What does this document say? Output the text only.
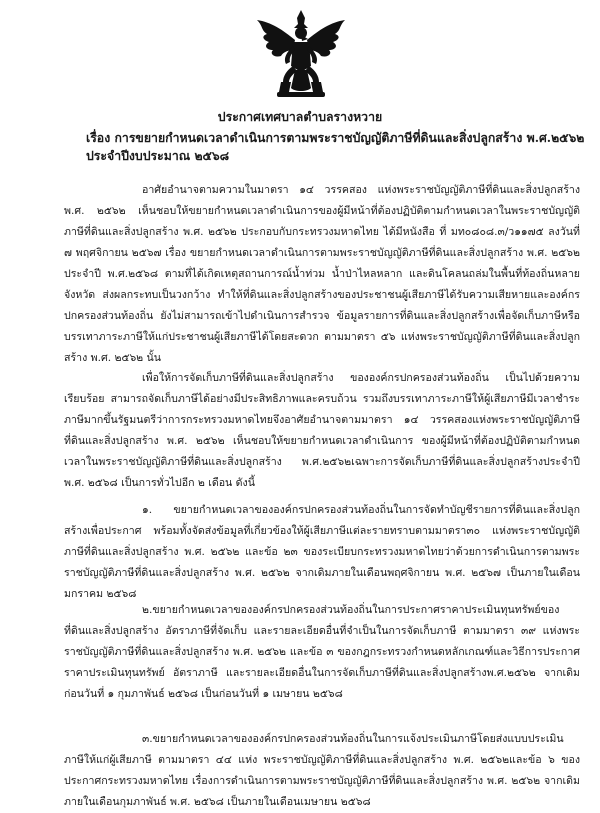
ประกาศเทศบาลตำบลรางหวาย
เรื่อง การขยายกำหนดเวลาดำเนินการตามพระราชบัญญัติภาษีที่ดินและสิ่งปลูกสร้าง พ.ศ.๒๕๖๒
ประจำปีงบประมาณ ๒๕๖๘

อาศัยอำนาจตามความในมาตรา ๑๔ วรรคสอง แห่งพระราชบัญญัติภาษีที่ดินและสิ่งปลูกสร้าง พ.ศ. ๒๕๖๒ เห็นชอบให้ขยายกำหนดเวลาดำเนินการของผู้มีหน้าที่ต้องปฏิบัติตามกำหนดเวลาในพระราชบัญญัติภาษีที่ดินและสิ่งปลูกสร้าง พ.ศ. ๒๕๖๒ ประกอบกับกระทรวงมหาดไทย ได้มีหนังสือ ที่ มท๐๘๐๘.๓/ว๑๑๗๕ ลงวันที่ ๗ พฤศจิกายน ๒๕๖๗ เรื่อง ขยายกำหนดเวลาดำเนินการตามพระราชบัญญัติภาษีที่ดินและสิ่งปลูกสร้าง พ.ศ. ๒๕๖๒ ประจำปี พ.ศ.๒๕๖๘ ตามที่ได้เกิดเหตุสถานการณ์น้ำท่วม น้ำป่าไหลหลาก และดินโคลนถล่มในพื้นที่ท้องถิ่นหลายจังหวัด ส่งผลกระทบเป็นวงกว้าง ทำให้ที่ดินและสิ่งปลูกสร้างของประชาชนผู้เสียภาษีได้รับความเสียหายและองค์กรปกครองส่วนท้องถิ่น ยังไม่สามารถเข้าไปดำเนินการสำรวจ ข้อมูลรายการที่ดินและสิ่งปลูกสร้างเพื่อจัดเก็บภาษีหรือบรรเทาภาระภาษีให้แก่ประชาชนผู้เสียภาษีได้โดยสะดวก ตามมาตรา ๕๖ แห่งพระราชบัญญัติภาษีที่ดินและสิ่งปลูกสร้าง พ.ศ. ๒๕๖๒ นั้น

เพื่อให้การจัดเก็บภาษีที่ดินและสิ่งปลูกสร้าง ขององค์กรปกครองส่วนท้องถิ่น เป็นไปด้วยความเรียบร้อย สามารถจัดเก็บภาษีได้อย่างมีประสิทธิภาพและครบถ้วน รวมถึงบรรเทาภาระภาษีให้ผู้เสียภาษีมีเวลาชำระภาษีมากขึ้นรัฐมนตรีว่าการกระทรวงมหาดไทยจึงอาศัยอำนาจตามมาตรา ๑๔ วรรคสองแห่งพระราชบัญญัติภาษีที่ดินและสิ่งปลูกสร้าง พ.ศ. ๒๕๖๒ เห็นชอบให้ขยายกำหนดเวลาดำเนินการ ของผู้มีหน้าที่ต้องปฏิบัติตามกำหนดเวลาในพระราชบัญญัติภาษีที่ดินและสิ่งปลูกสร้าง พ.ศ.๒๕๖๒เฉพาะการจัดเก็บภาษีที่ดินและสิ่งปลูกสร้างประจำปี พ.ศ. ๒๕๖๘ เป็นการทั่วไปอีก ๒ เดือน ดังนี้

๑. ขยายกำหนดเวลาขององค์กรปกครองส่วนท้องถิ่นในการจัดทำบัญชีรายการที่ดินและสิ่งปลูกสร้างเพื่อประกาศ พร้อมทั้งจัดส่งข้อมูลที่เกี่ยวข้องให้ผู้เสียภาษีแต่ละรายทราบตามมาตรา๓๐ แห่งพระราชบัญญัติภาษีที่ดินและสิ่งปลูกสร้าง พ.ศ. ๒๕๖๒ และข้อ ๒๓ ของระเบียบกระทรวงมหาดไทยว่าด้วยการดำเนินการตามพระราชบัญญัติภาษีที่ดินและสิ่งปลูกสร้าง พ.ศ. ๒๕๖๒ จากเดิมภายในเดือนพฤศจิกายน พ.ศ. ๒๕๖๗ เป็นภายในเดือนมกราคม ๒๕๖๘

๒.ขยายกำหนดเวลาขององค์กรปกครองส่วนท้องถิ่นในการประกาศราคาประเมินทุนทรัพย์ของที่ดินและสิ่งปลูกสร้าง อัตราภาษีที่จัดเก็บ และรายละเอียดอื่นที่จำเป็นในการจัดเก็บภาษี ตามมาตรา ๓๙ แห่งพระราชบัญญัติภาษีที่ดินและสิ่งปลูกสร้าง พ.ศ. ๒๕๖๒ และข้อ ๓ ของกฎกระทรวงกำหนดหลักเกณฑ์และวิธีการประกาศราคาประเมินทุนทรัพย์ อัตราภาษี และรายละเอียดอื่นในการจัดเก็บภาษีที่ดินและสิ่งปลูกสร้างพ.ศ.๒๕๖๒ จากเดิมก่อนวันที่ ๑ กุมภาพันธ์ ๒๕๖๘ เป็นก่อนวันที่ ๑ เมษายน ๒๕๖๘

๓.ขยายกำหนดเวลาขององค์กรปกครองส่วนท้องถิ่นในการแจ้งประเมินภาษีโดยส่งแบบประเมินภาษีให้แก่ผู้เสียภาษี ตามมาตรา ๔๔ แห่ง พระราชบัญญัติภาษีที่ดินและสิ่งปลูกสร้าง พ.ศ. ๒๕๖๒และข้อ ๖ ของประกาศกระทรวงมหาดไทย เรื่องการดำเนินการตามพระราชบัญญัติภาษีที่ดินและสิ่งปลูกสร้าง พ.ศ. ๒๕๖๒ จากเดิมภายในเดือนกุมภาพันธ์ พ.ศ. ๒๕๖๘ เป็นภายในเดือนเมษายน ๒๕๖๘
